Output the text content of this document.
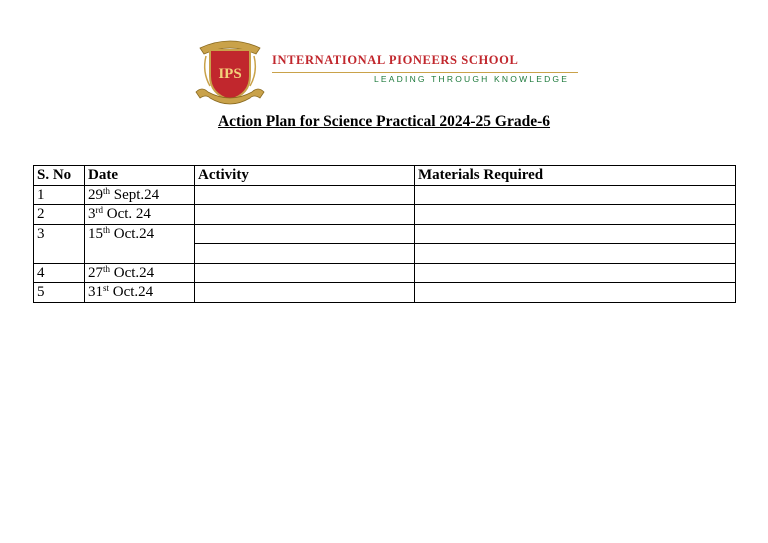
IPS
INTERNATIONAL PIONEERS SCHOOL
LEADING THROUGH KNOWLEDGE
Action Plan for Science Practical 2024-25 Grade-6
S. No	Date	Activity	Materials Required
1	29th Sept.24		
2	3rd Oct. 24		
3	15th Oct.24		

4	27th Oct.24		
5	31st Oct.24		
